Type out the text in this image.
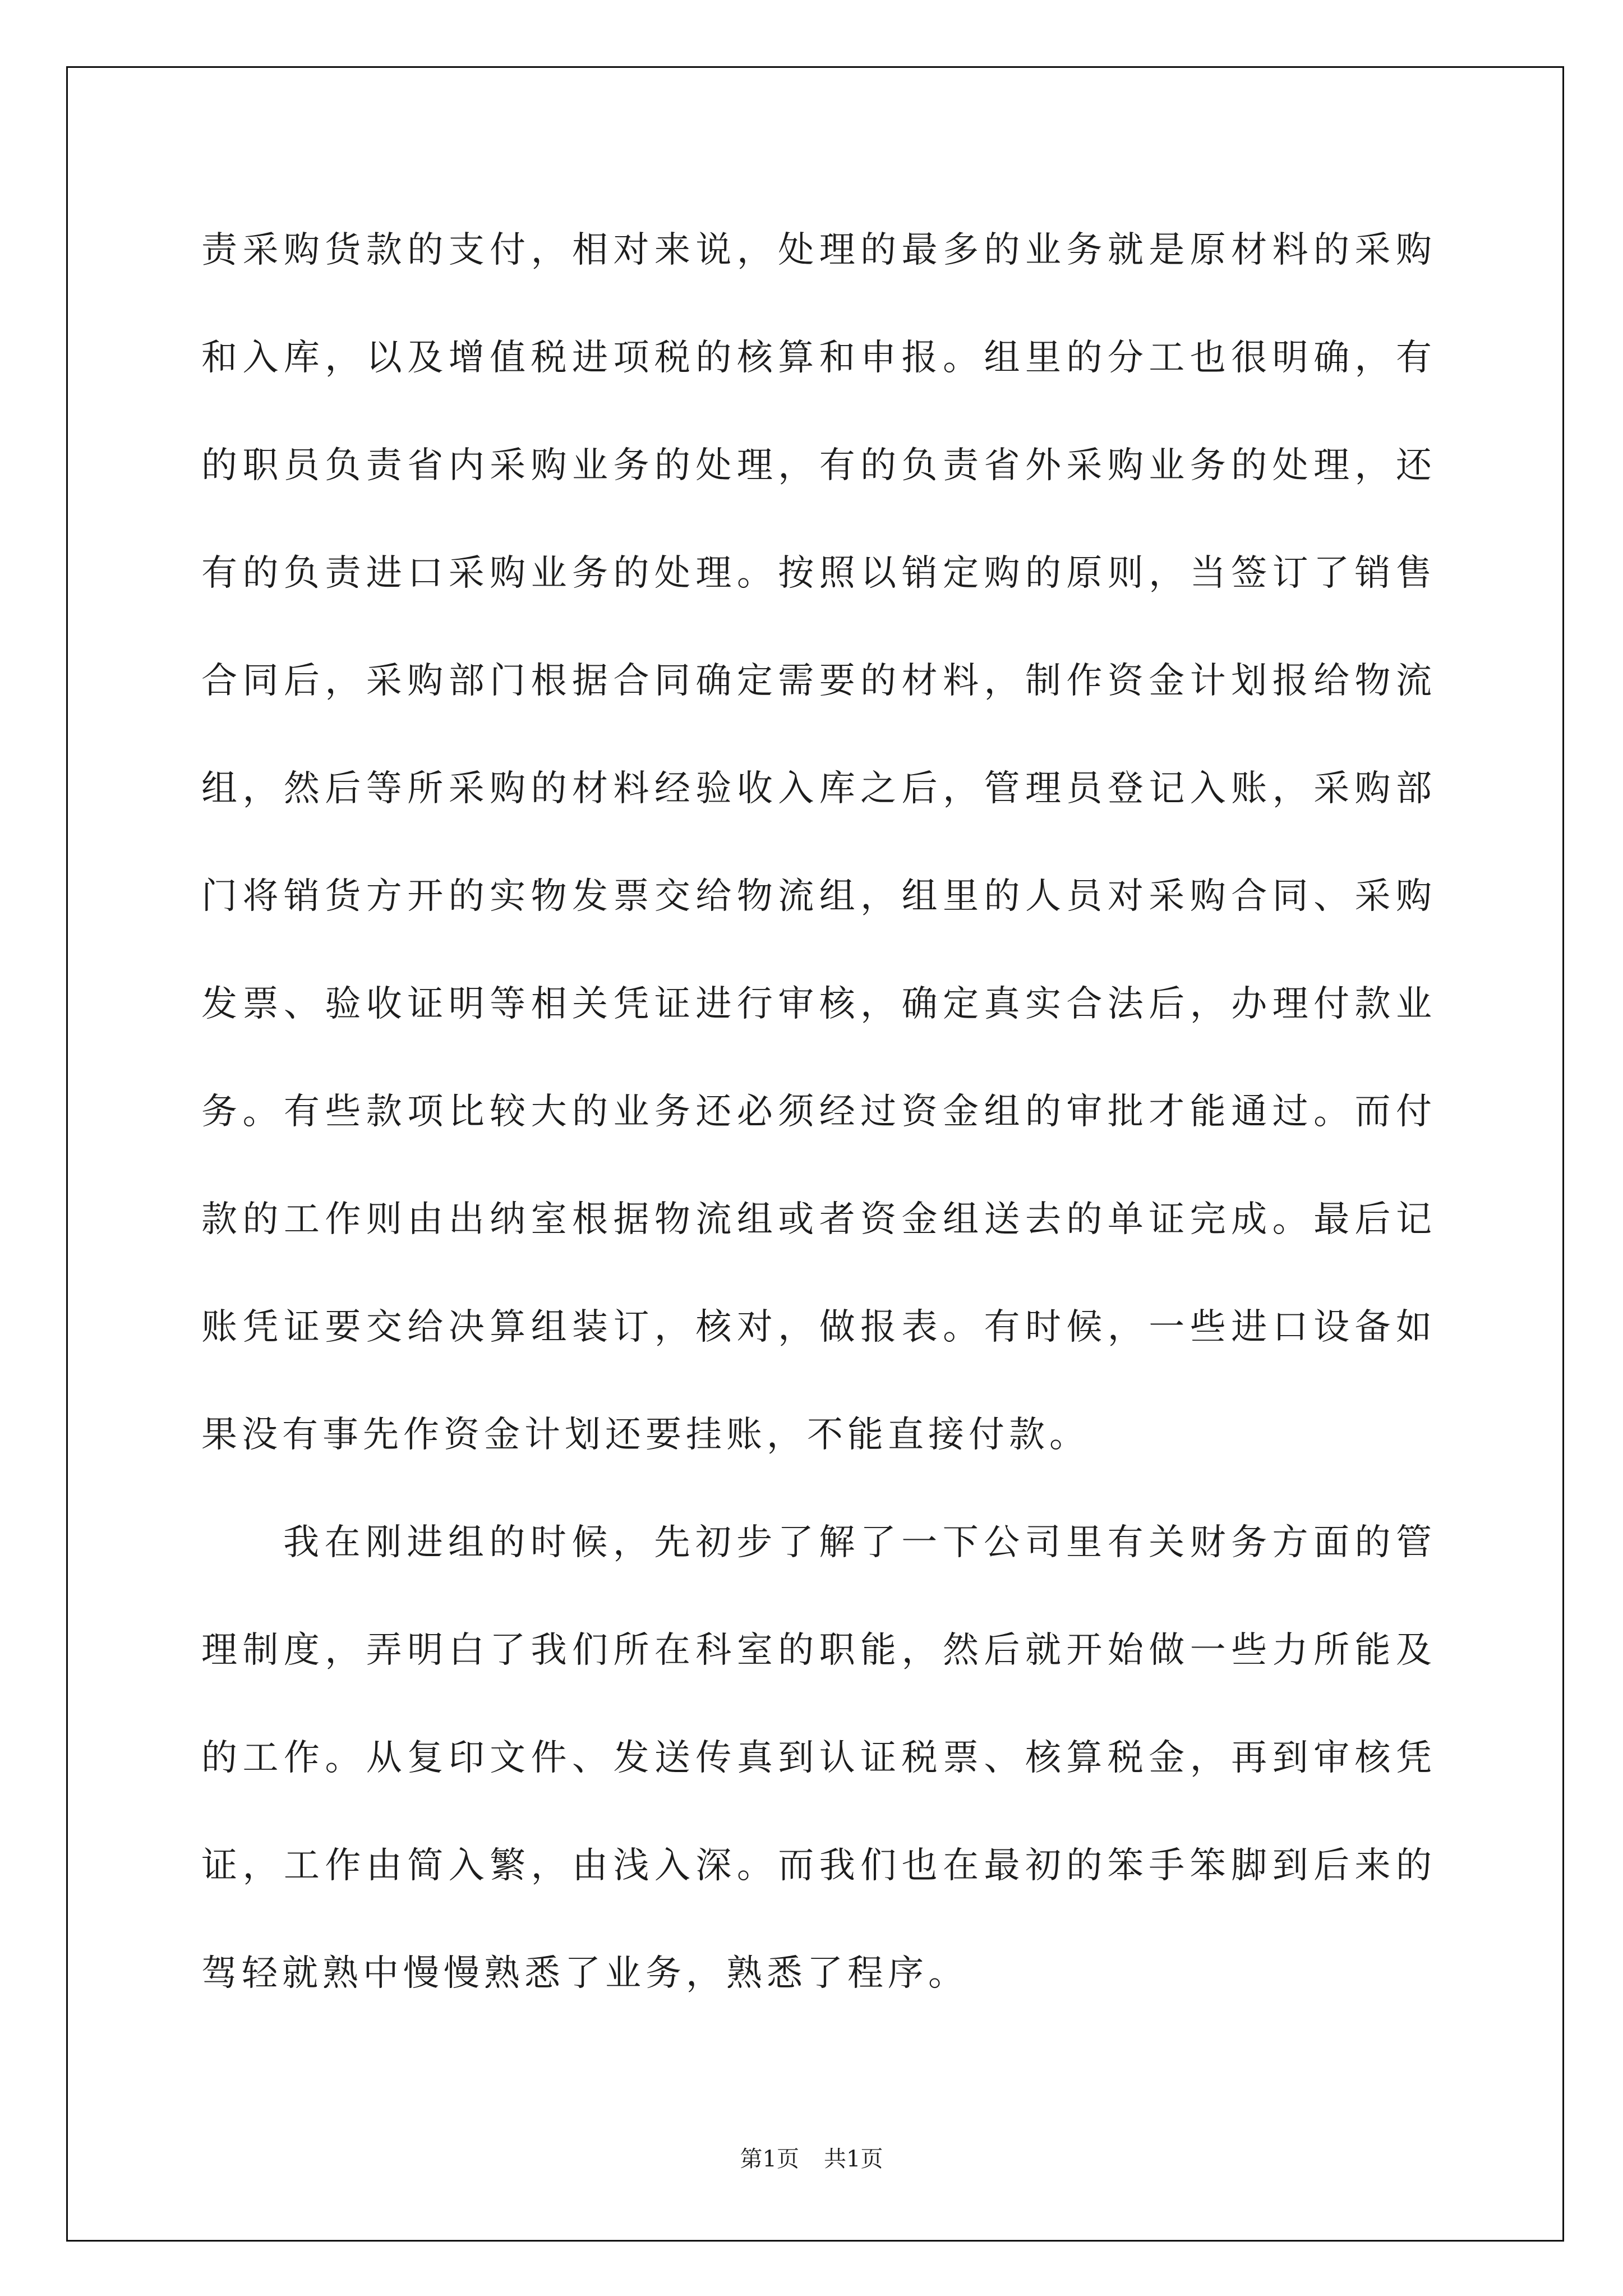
责采购货款的支付，相对来说，处理的最多的业务就是原材料的采购
和入库，以及增值税进项税的核算和申报。组里的分工也很明确，有
的职员负责省内采购业务的处理，有的负责省外采购业务的处理，还
有的负责进口采购业务的处理。按照以销定购的原则，当签订了销售
合同后，采购部门根据合同确定需要的材料，制作资金计划报给物流
组，然后等所采购的材料经验收入库之后，管理员登记入账，采购部
门将销货方开的实物发票交给物流组，组里的人员对采购合同、采购
发票、验收证明等相关凭证进行审核，确定真实合法后，办理付款业
务。有些款项比较大的业务还必须经过资金组的审批才能通过。而付
款的工作则由出纳室根据物流组或者资金组送去的单证完成。最后记
账凭证要交给决算组装订，核对，做报表。有时候，一些进口设备如
果没有事先作资金计划还要挂账，不能直接付款。
我在刚进组的时候，先初步了解了一下公司里有关财务方面的管
理制度，弄明白了我们所在科室的职能，然后就开始做一些力所能及
的工作。从复印文件、发送传真到认证税票、核算税金，再到审核凭
证，工作由简入繁，由浅入深。而我们也在最初的笨手笨脚到后来的
驾轻就熟中慢慢熟悉了业务，熟悉了程序。
第1页 共1页
